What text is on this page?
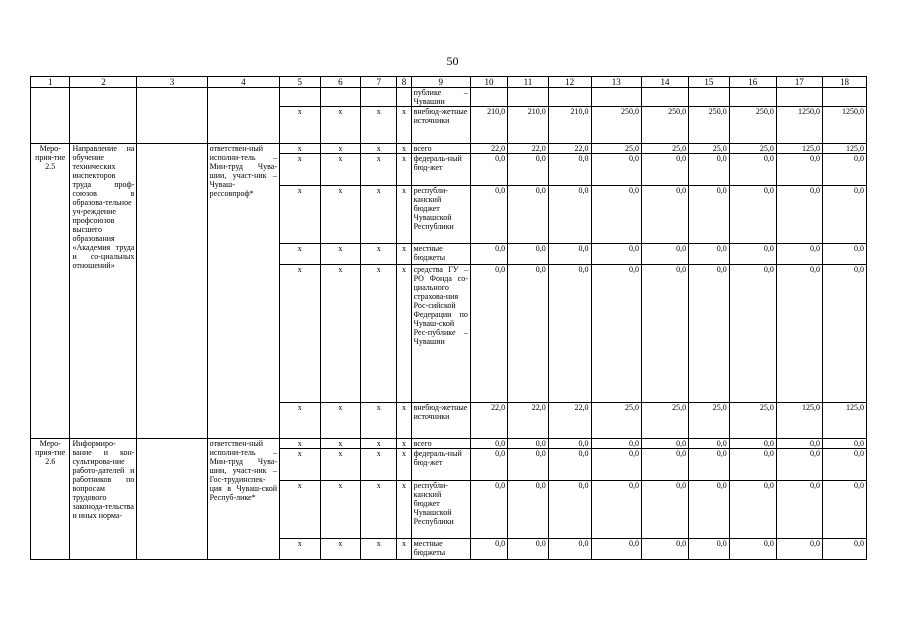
50
1	2	3	4	5	6	7	8	9	10	11	12	13	14	15	16	17	18
								публике – Чувашии									
				x	x	x	x	внебюд-жетные источники	210,0	210,0	210,0	250,0	250,0	250,0	250,0	1250,0	1250,0
Меро-прия-тие 2.5	Направление на обучение технических инспекторов труда проф-союзов в образова-тельное уч-реждение профсоюзов высшего образования «Академия труда и со-циальных отношений»		ответствен-ный исполни-тель – Мин-труд Чува-шии, участ-ник – Чуваш-рессовпроф*	x	x	x	x	всего	22,0	22,0	22,0	25,0	25,0	25,0	25,0	125,0	125,0
				x	x	x	x	федераль-ный бюд-жет	0,0	0,0	0,0	0,0	0,0	0,0	0,0	0,0	0,0
				x	x	x	x	республи-канский бюджет Чувашской Республики	0,0	0,0	0,0	0,0	0,0	0,0	0,0	0,0	0,0
				x	x	x	x	местные бюджеты	0,0	0,0	0,0	0,0	0,0	0,0	0,0	0,0	0,0
				x	x	x	x	средства ГУ – РО Фонда со-циального страхова-ния Рос-сийской Федерации по Чуваш-ской Рес-публике – Чувашии	0,0	0,0	0,0	0,0	0,0	0,0	0,0	0,0	0,0
				x	x	x	x	внебюд-жетные источники	22,0	22,0	22,0	25,0	25,0	25,0	25,0	125,0	125,0
Меро-прия-тие 2.6	Информиро-вание и кон-сультирова-ние работо-дателей и работников по вопросам трудового законода-тельства и иных норма-		ответствен-ный исполни-тель – Мин-труд Чува-шии, участ-ник – Гос-трудинспек-ция в Чуваш-ской Респуб-лике*	x	x	x	x	всего	0,0	0,0	0,0	0,0	0,0	0,0	0,0	0,0	0,0
				x	x	x	x	федераль-ный бюд-жет	0,0	0,0	0,0	0,0	0,0	0,0	0,0	0,0	0,0
				x	x	x	x	республи-канский бюджет Чувашской Республики	0,0	0,0	0,0	0,0	0,0	0,0	0,0	0,0	0,0
				x	x	x	x	местные бюджеты	0,0	0,0	0,0	0,0	0,0	0,0	0,0	0,0	0,0
